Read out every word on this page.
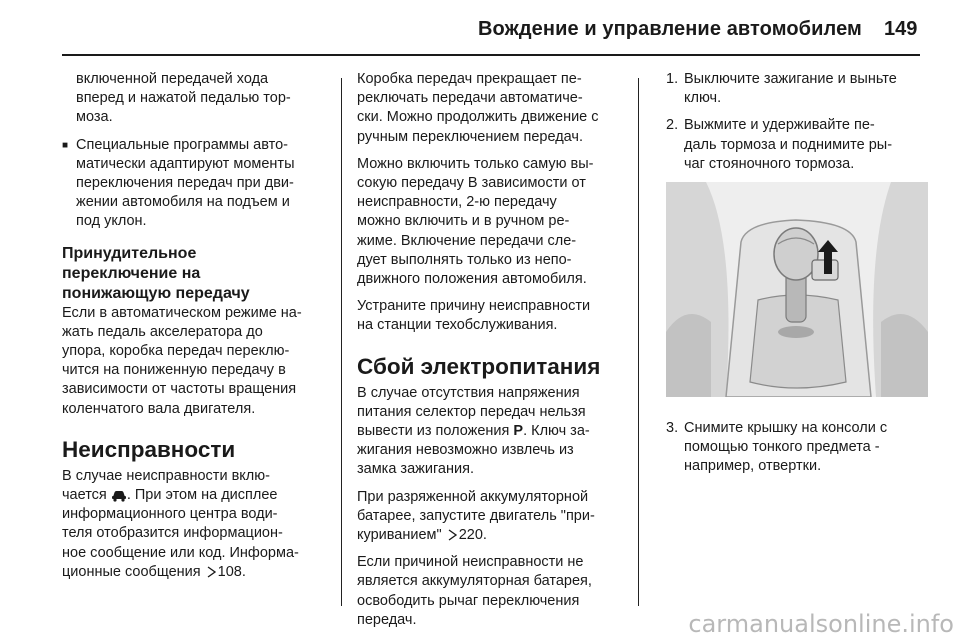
Вождение и управление автомобилем 149

включенной передачей хода
вперед и нажатой педалью тор-
моза.

■ Специальные программы авто-
матически адаптируют моменты
переключения передач при дви-
жении автомобиля на подъем и
под уклон.
Принудительное
переключение на
понижающую передачу

Если в автоматическом режиме на-
жать педаль акселератора до
упора, коробка передач переклю-
чится на пониженную передачу в
зависимости от частоты вращения
коленчатого вала двигателя.

Неисправности

В случае неисправности вклю-
чается . При этом на дисплее
информационного центра води-
теля отобразится информацион-
ное сообщение или код. Информа-
ционные сообщения 108.

Коробка передач прекращает пе-
реключать передачи автоматиче-
ски. Можно продолжить движение с
ручным переключением передач.

Можно включить только самую вы-
сокую передачу В зависимости от
неисправности, 2-ю передачу
можно включить и в ручном ре-
жиме. Включение передачи сле-
дует выполнять только из непо-
движного положения автомобиля.

Устраните причину неисправности
на станции техобслуживания.

Сбой электропитания

В случае отсутствия напряжения
питания селектор передач нельзя
вывести из положения P. Ключ за-
жигания невозможно извлечь из
замка зажигания.

При разряженной аккумуляторной
батарее, запустите двигатель "при-
куриванием" 220.

Если причиной неисправности не
является аккумуляторная батарея,
освободить рычаг переключения
передач.

1. Выключите зажигание и выньте
ключ.
2. Выжмите и удерживайте пе-
даль тормоза и поднимите ры-
чаг стояночного тормоза.
3. Снимите крышку на консоли с
помощью тонкого предмета -
например, отвертки.
carmanualsonline.info
